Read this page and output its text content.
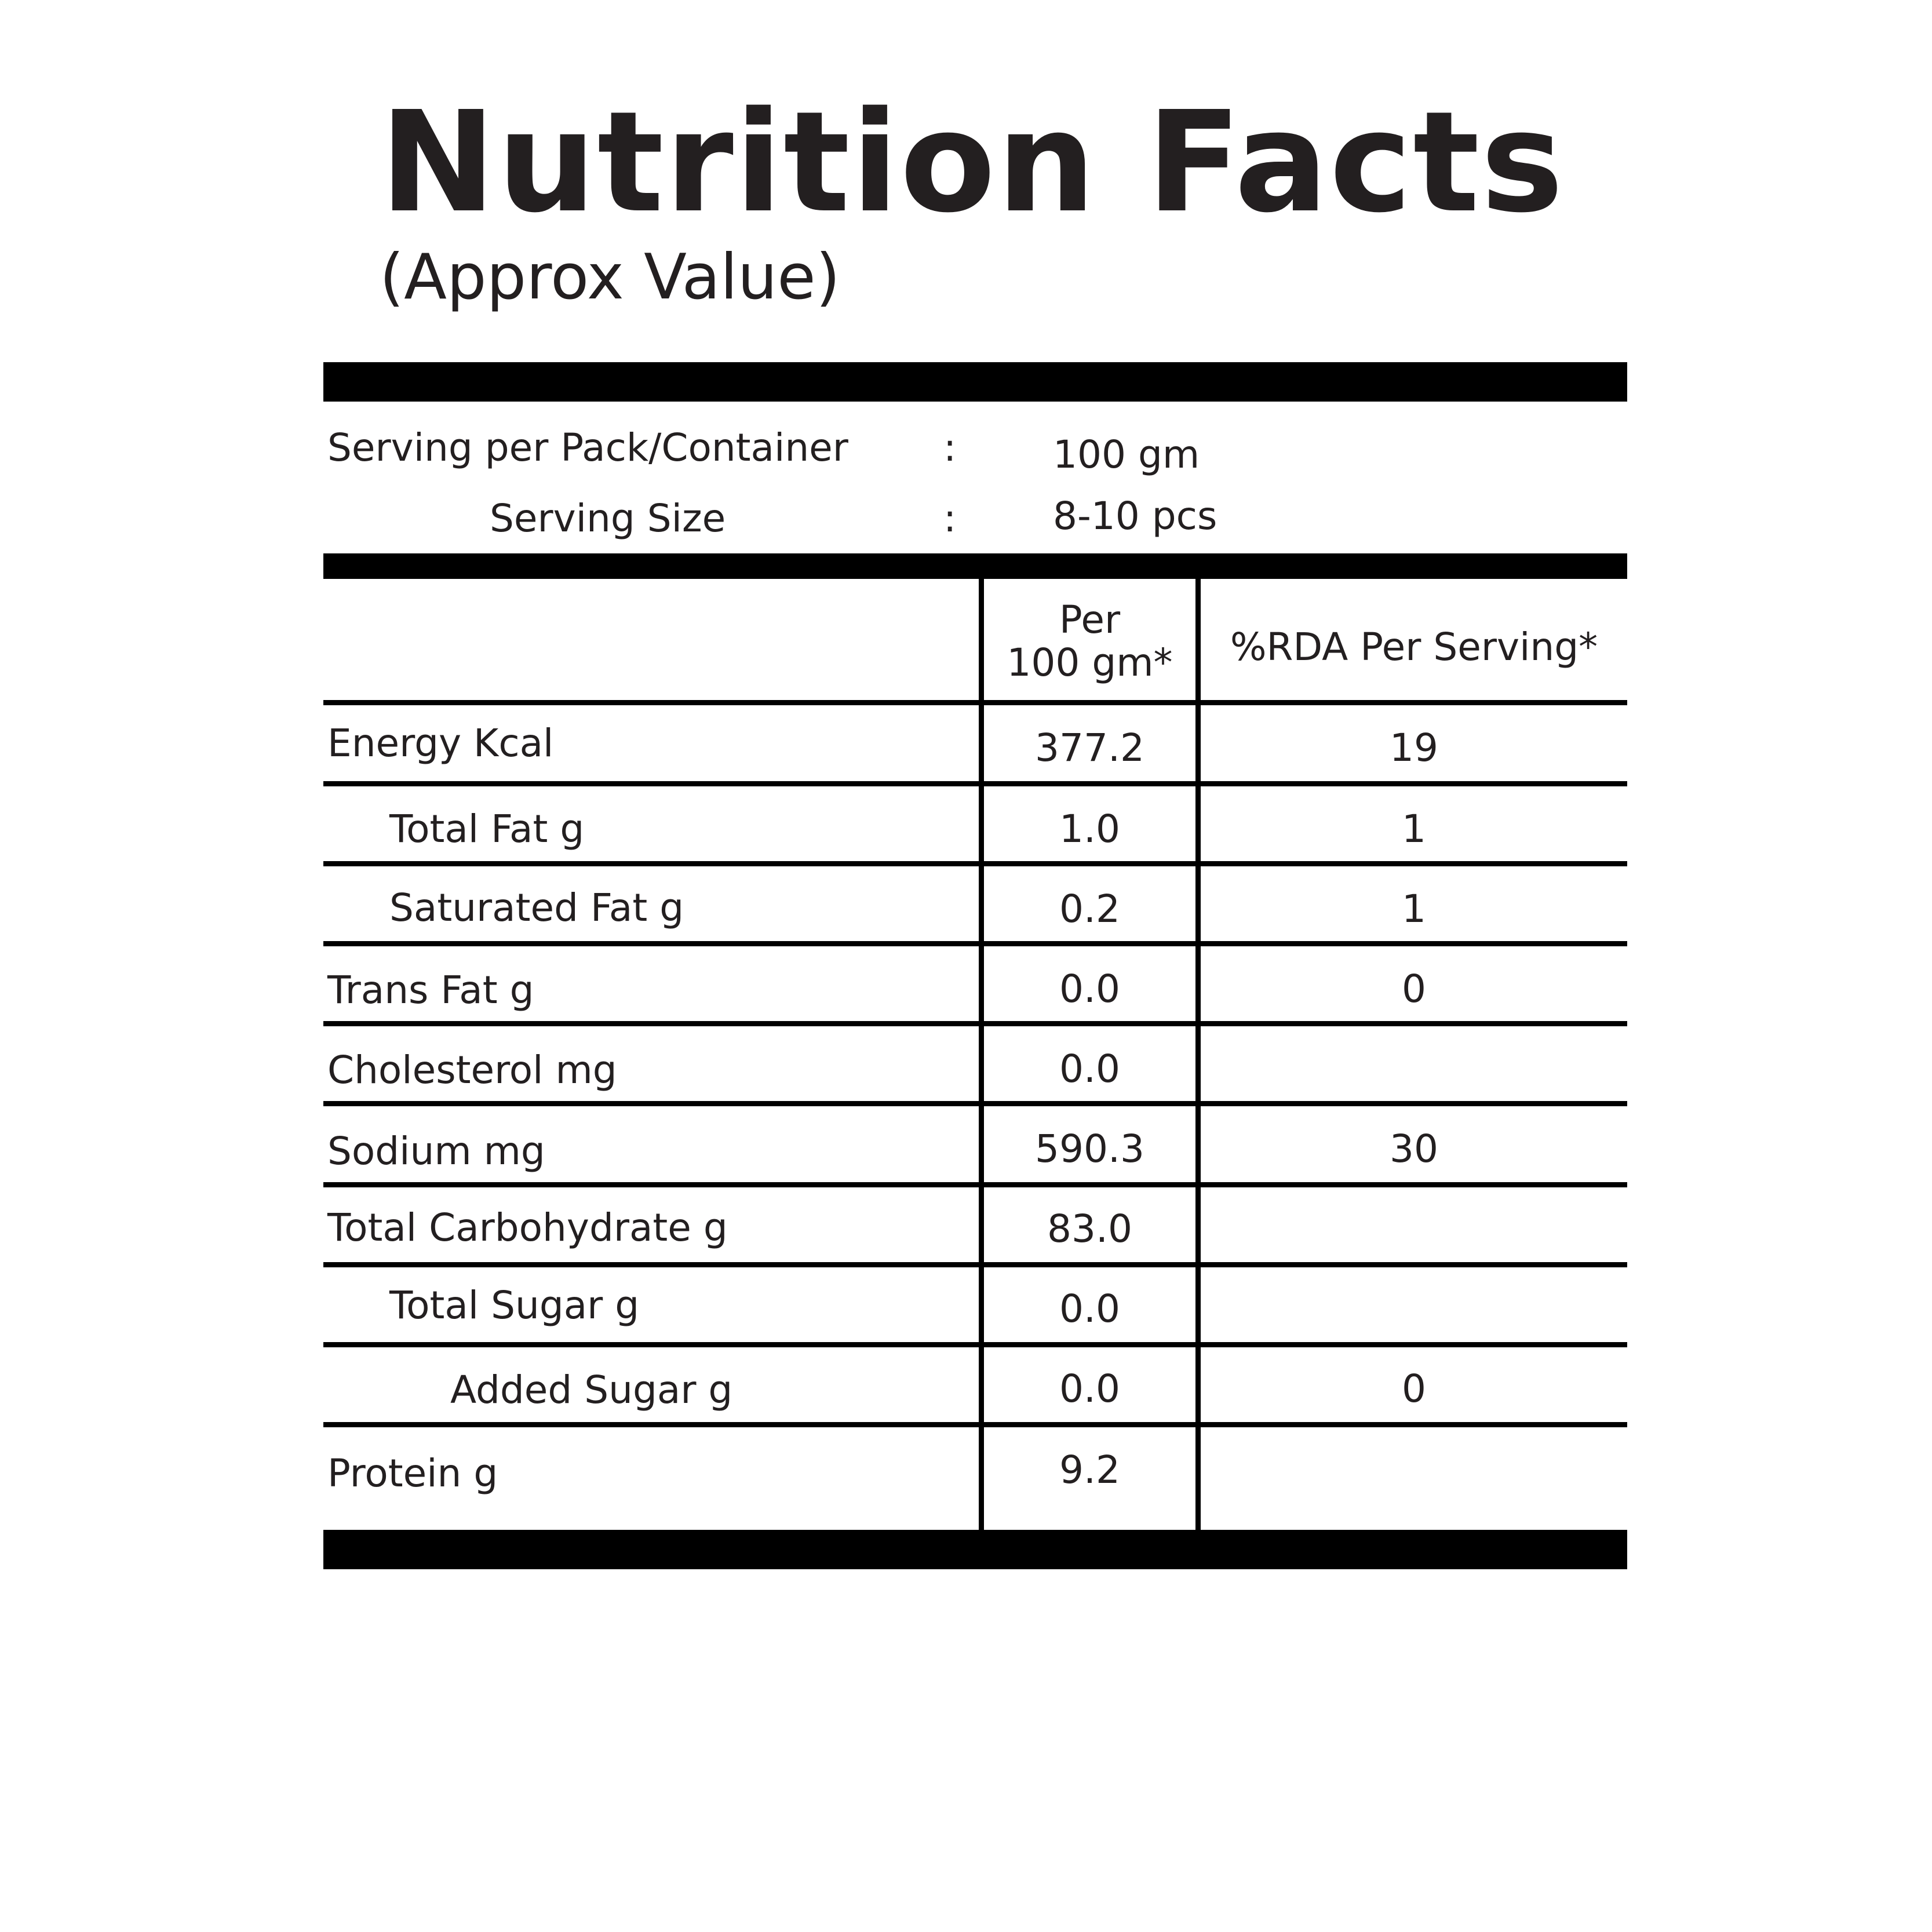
Nutrition Facts
(Approx Value)
Serving per Pack/Container :	100 gm
Serving Size	:	8-10 pcs
Per
100 gm*	%RDA Per Serving*
Energy Kcal	377.2	19
Total Fat g	1.0	1
Saturated Fat g	0.2	1
Trans Fat g	0.0	0
Cholesterol mg	0.0
Sodium mg	590.3	30
Total Carbohydrate g	83.0
Total Sugar g	0.0
Added Sugar g	0.0	0
Protein g	9.2
